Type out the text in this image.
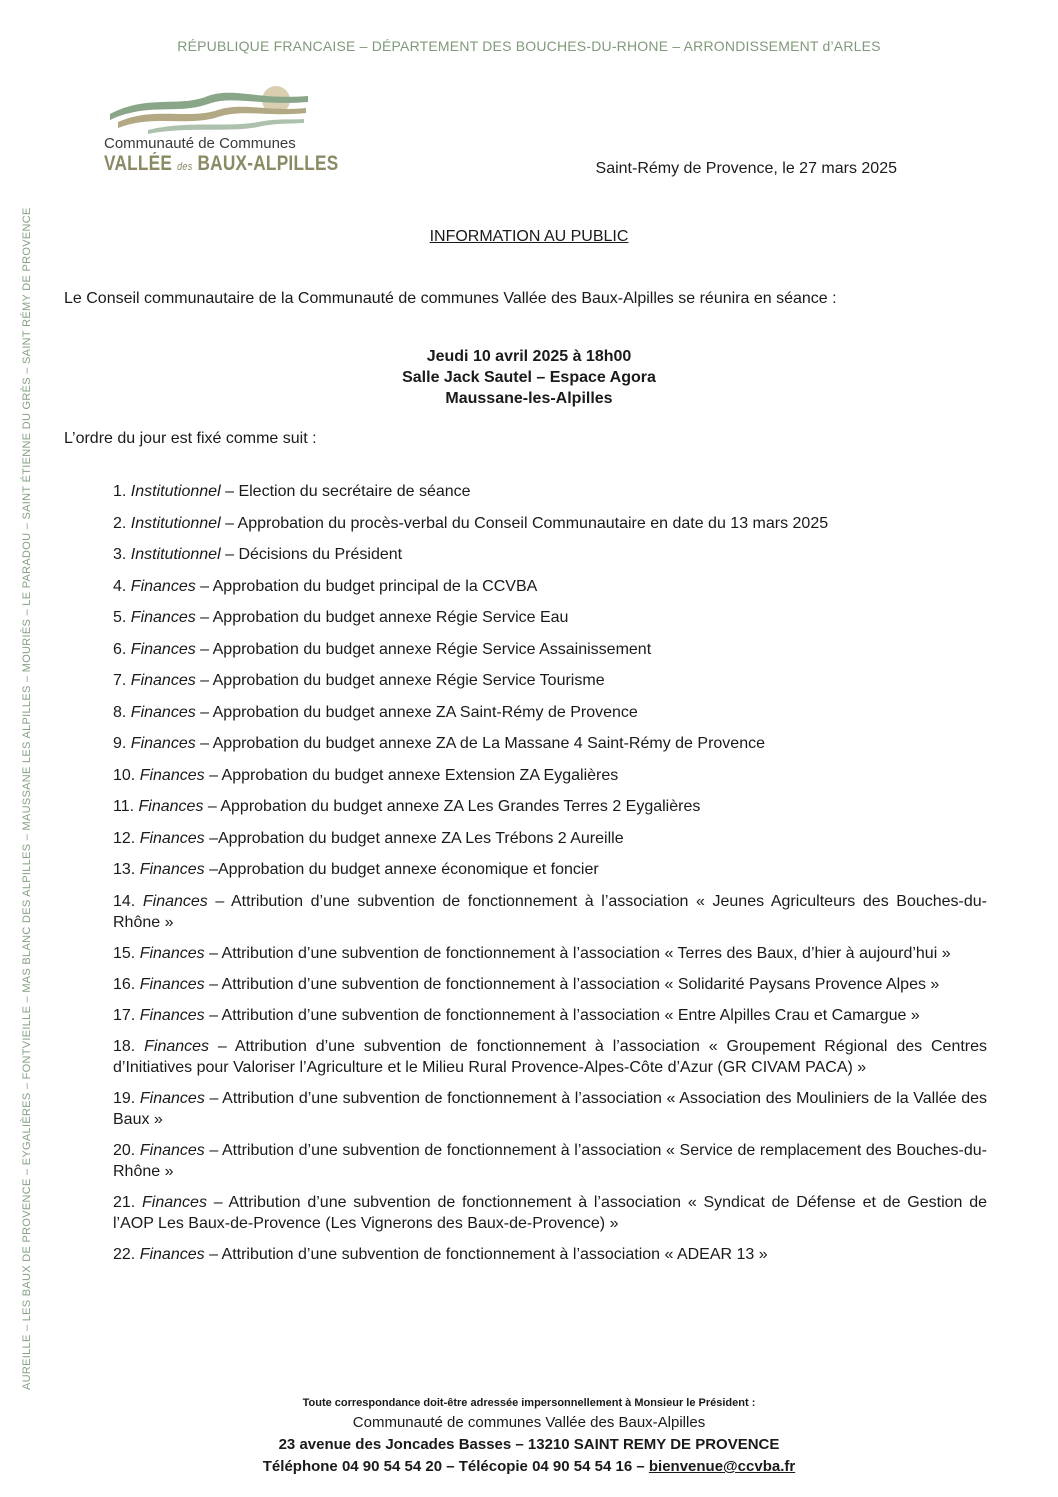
RÉPUBLIQUE FRANCAISE – DÉPARTEMENT DES BOUCHES-DU-RHONE – ARRONDISSEMENT d’ARLES
AUREILLE – LES BAUX DE PROVENCE – EYGALIÈRES – FONTVIEILLE – MAS BLANC DES ALPILLES – MAUSSANE LES ALPILLES – MOURIÈS – LE PARADOU – SAINT ÉTIENNE DU GRÈS – SAINT RÉMY DE PROVENCE
Communauté de Communes
VALLÉE des BAUX-ALPILLES	Saint-Rémy de Provence, le 27 mars 2025
INFORMATION AU PUBLIC
Le Conseil communautaire de la Communauté de communes Vallée des Baux-Alpilles se réunira en séance :
Jeudi 10 avril 2025 à 18h00
Salle Jack Sautel – Espace Agora
Maussane-les-Alpilles
L’ordre du jour est fixé comme suit :
1. Institutionnel – Election du secrétaire de séance
2. Institutionnel – Approbation du procès-verbal du Conseil Communautaire en date du 13 mars 2025
3. Institutionnel – Décisions du Président
4. Finances – Approbation du budget principal de la CCVBA
5. Finances – Approbation du budget annexe Régie Service Eau
6. Finances – Approbation du budget annexe Régie Service Assainissement
7. Finances – Approbation du budget annexe Régie Service Tourisme
8. Finances – Approbation du budget annexe ZA Saint-Rémy de Provence
9. Finances – Approbation du budget annexe ZA de La Massane 4 Saint-Rémy de Provence
10. Finances – Approbation du budget annexe Extension ZA Eygalières
11. Finances – Approbation du budget annexe ZA Les Grandes Terres 2 Eygalières
12. Finances –Approbation du budget annexe ZA Les Trébons 2 Aureille
13. Finances –Approbation du budget annexe économique et foncier
14. Finances – Attribution d’une subvention de fonctionnement à l’association « Jeunes Agriculteurs des Bouches-du-Rhône »
15. Finances – Attribution d’une subvention de fonctionnement à l’association « Terres des Baux, d’hier à aujourd’hui »
16. Finances – Attribution d’une subvention de fonctionnement à l’association « Solidarité Paysans Provence Alpes »
17. Finances – Attribution d’une subvention de fonctionnement à l’association « Entre Alpilles Crau et Camargue »
18. Finances – Attribution d’une subvention de fonctionnement à l’association « Groupement Régional des Centres d’Initiatives pour Valoriser l’Agriculture et le Milieu Rural Provence-Alpes-Côte d’Azur (GR CIVAM PACA) »
19. Finances – Attribution d’une subvention de fonctionnement à l’association « Association des Mouliniers de la Vallée des Baux »
20. Finances – Attribution d’une subvention de fonctionnement à l’association « Service de remplacement des Bouches-du-Rhône »
21. Finances – Attribution d’une subvention de fonctionnement à l’association « Syndicat de Défense et de Gestion de l’AOP Les Baux-de-Provence (Les Vignerons des Baux-de-Provence) »
22. Finances – Attribution d’une subvention de fonctionnement à l’association « ADEAR 13 »
Toute correspondance doit-être adressée impersonnellement à Monsieur le Président :
Communauté de communes Vallée des Baux-Alpilles
23 avenue des Joncades Basses – 13210 SAINT REMY DE PROVENCE
Téléphone 04 90 54 54 20 – Télécopie 04 90 54 54 16 – bienvenue@ccvba.fr
